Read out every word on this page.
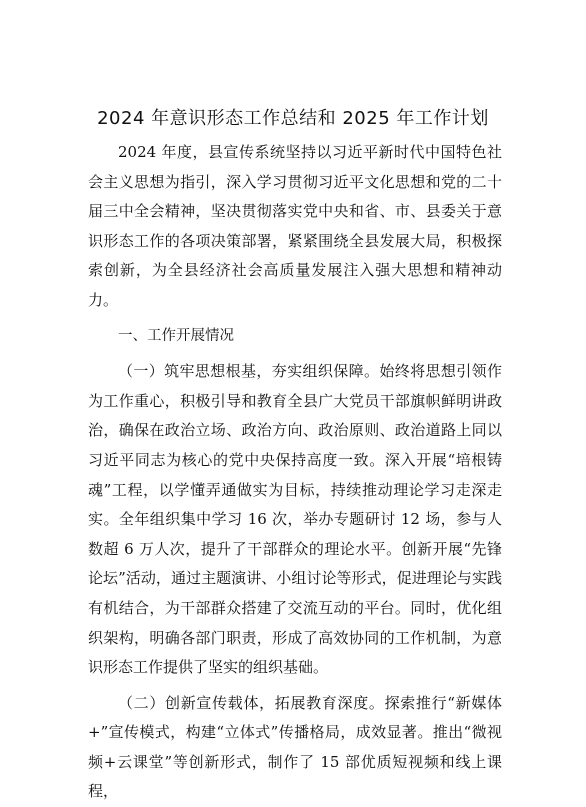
2024 年意识形态工作总结和 2025 年工作计划

2024 年度，县宣传系统坚持以习近平新时代中国特色社会主义思想为指引，深入学习贯彻习近平文化思想和党的二十届三中全会精神，坚决贯彻落实党中央和省、市、县委关于意识形态工作的各项决策部署，紧紧围绕全县发展大局，积极探索创新，为全县经济社会高质量发展注入强大思想和精神动力。

一、工作开展情况

（一）筑牢思想根基，夯实组织保障。始终将思想引领作为工作重心，积极引导和教育全县广大党员干部旗帜鲜明讲政治，确保在政治立场、政治方向、政治原则、政治道路上同以习近平同志为核心的党中央保持高度一致。深入开展“培根铸魂”工程，以学懂弄通做实为目标，持续推动理论学习走深走实。全年组织集中学习 16 次，举办专题研讨 12 场，参与人数超 6 万人次，提升了干部群众的理论水平。创新开展“先锋论坛”活动，通过主题演讲、小组讨论等形式，促进理论与实践有机结合，为干部群众搭建了交流互动的平台。同时，优化组织架构，明确各部门职责，形成了高效协同的工作机制，为意识形态工作提供了坚实的组织基础。

（二）创新宣传载体，拓展教育深度。探索推行“新媒体+”宣传模式，构建“立体式”传播格局，成效显著。推出“微视频+云课堂”等创新形式，制作了 15 部优质短视频和线上课程，
